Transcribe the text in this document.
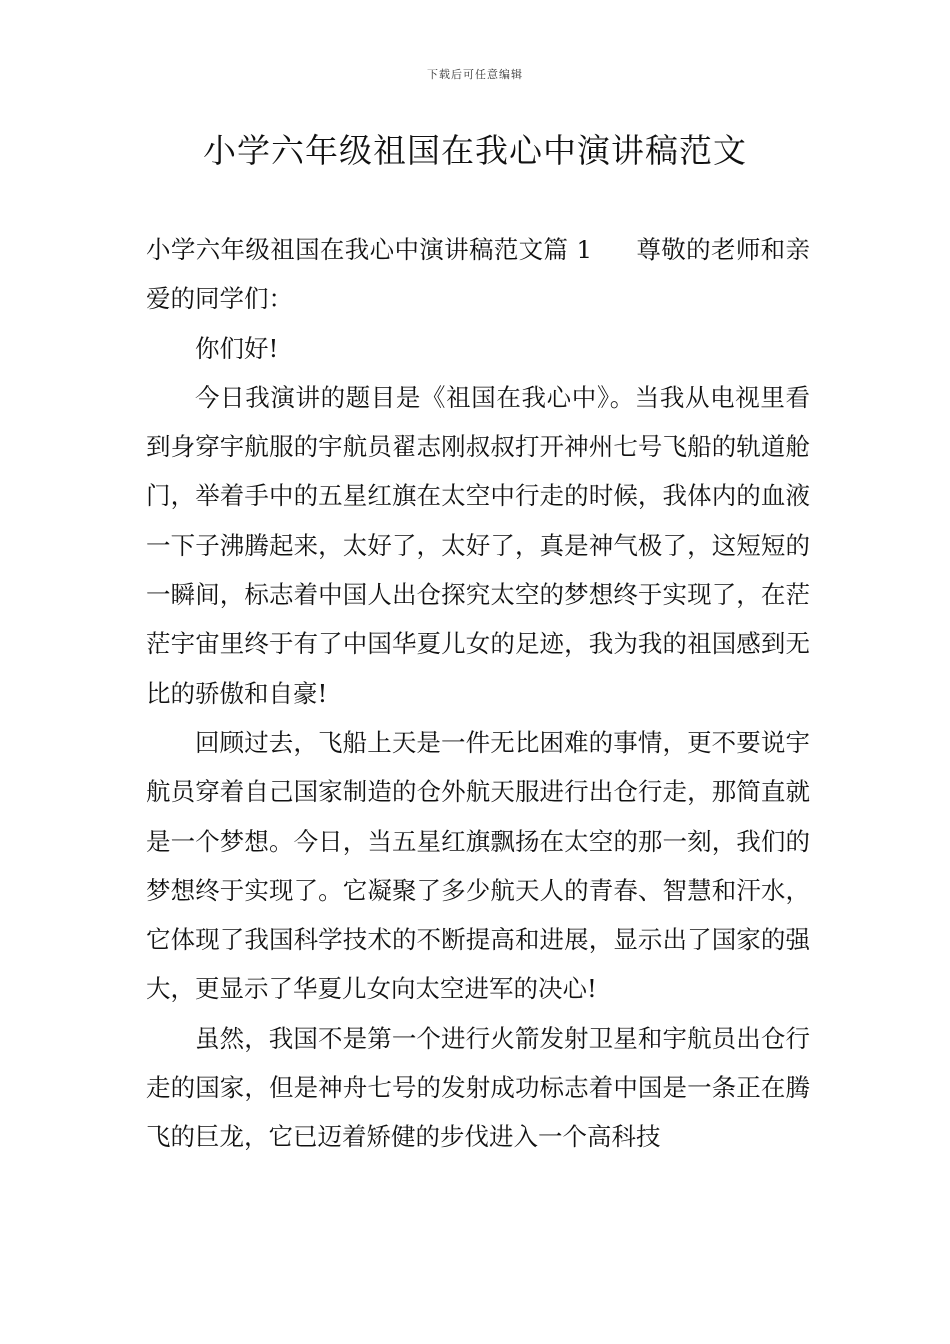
下载后可任意编辑
小学六年级祖国在我心中演讲稿范文

小学六年级祖国在我心中演讲稿范文篇 1 尊敬的老师和亲爱的同学们：

你们好!

今日我演讲的题目是《祖国在我心中》。当我从电视里看到身穿宇航服的宇航员翟志刚叔叔打开神州七号飞船的轨道舱门，举着手中的五星红旗在太空中行走的时候，我体内的血液一下子沸腾起来，太好了，太好了，真是神气极了，这短短的一瞬间，标志着中国人出仓探究太空的梦想终于实现了，在茫茫宇宙里终于有了中国华夏儿女的足迹，我为我的祖国感到无比的骄傲和自豪!

回顾过去，飞船上天是一件无比困难的事情，更不要说宇航员穿着自己国家制造的仓外航天服进行出仓行走，那简直就是一个梦想。今日，当五星红旗飘扬在太空的那一刻，我们的梦想终于实现了。它凝聚了多少航天人的青春、智慧和汗水，它体现了我国科学技术的不断提高和进展，显示出了国家的强大，更显示了华夏儿女向太空进军的决心!

虽然，我国不是第一个进行火箭发射卫星和宇航员出仓行走的国家，但是神舟七号的发射成功标志着中国是一条正在腾飞的巨龙，它已迈着矫健的步伐进入一个高科技
